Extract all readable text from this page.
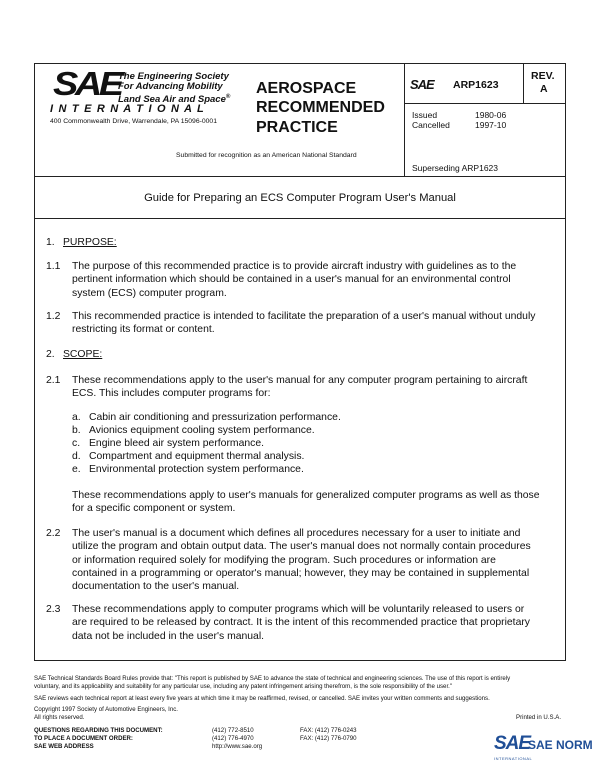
SAE
The Engineering Society
For Advancing Mobility
Land Sea Air and Space®
I N T E R N A T I O N A L
400 Commonwealth Drive, Warrendale, PA 15096-0001
AEROSPACE
RECOMMENDED
PRACTICE
Submitted for recognition as an American National Standard
SAE ARP1623
REV.
A
Issued	1980-06
Cancelled	1997-10
Superseding ARP1623
Guide for Preparing an ECS Computer Program User's Manual
1. PURPOSE:
1.1 The purpose of this recommended practice is to provide aircraft industry with guidelines as to the pertinent information which should be contained in a user's manual for an environmental control system (ECS) computer program.
1.2 This recommended practice is intended to facilitate the preparation of a user's manual without unduly restricting its format or content.
2. SCOPE:
2.1 These recommendations apply to the user's manual for any computer program pertaining to aircraft ECS. This includes computer programs for:
a. Cabin air conditioning and pressurization performance.
b. Avionics equipment cooling system performance.
c. Engine bleed air system performance.
d. Compartment and equipment thermal analysis.
e. Environmental protection system performance.
These recommendations apply to user's manuals for generalized computer programs as well as those for a specific component or system.
2.2 The user's manual is a document which defines all procedures necessary for a user to initiate and utilize the program and obtain output data. The user's manual does not normally contain procedures or information required solely for modifying the program. Such procedures or information are contained in a programming or operator's manual; however, they may be contained in supplemental documentation to the user's manual.
2.3 These recommendations apply to computer programs which will be voluntarily released to users or are required to be released by contract. It is the intent of this recommended practice that proprietary data not be included in the user's manual.
SAE Technical Standards Board Rules provide that: "This report is published by SAE to advance the state of technical and engineering sciences. The use of this report is entirely
voluntary, and its applicability and suitability for any particular use, including any patent infringement arising therefrom, is the sole responsibility of the user."
SAE reviews each technical report at least every five years at which time it may be reaffirmed, revised, or cancelled. SAE invites your written comments and suggestions.
Copyright 1997 Society of Automotive Engineers, Inc.
All rights reserved.	Printed in U.S.A.
QUESTIONS REGARDING THIS DOCUMENT:	(412) 772-8510	FAX: (412) 776-0243
TO PLACE A DOCUMENT ORDER:	(412) 776-4970	FAX: (412) 776-0790
SAE WEB ADDRESS	http://www.sae.org	SAE
SAE NORM
INTERNATIONAL
